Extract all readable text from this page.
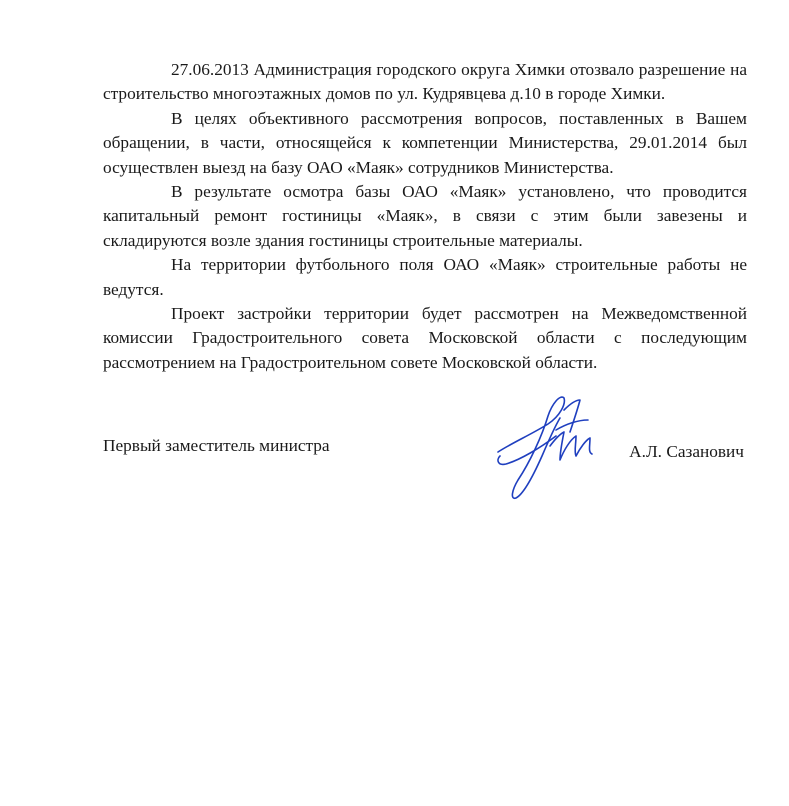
27.06.2013 Администрация городского округа Химки отозвало разрешение на строительство многоэтажных домов по ул. Кудрявцева д.10 в городе Химки.

В целях объективного рассмотрения вопросов, поставленных в Вашем обращении, в части, относящейся к компетенции Министерства, 29.01.2014 был осуществлен выезд на базу ОАО «Маяк» сотрудников Министерства.

В результате осмотра базы ОАО «Маяк» установлено, что проводится капитальный ремонт гостиницы «Маяк», в связи с этим были завезены и складируются возле здания гостиницы строительные материалы.

На территории футбольного поля ОАО «Маяк» строительные работы не ведутся.

Проект застройки территории будет рассмотрен на Межведомственной комиссии Градостроительного совета Московской области с последующим рассмотрением на Градостроительном совете Московской области.

Первый заместитель министра	А.Л. Сазанович
